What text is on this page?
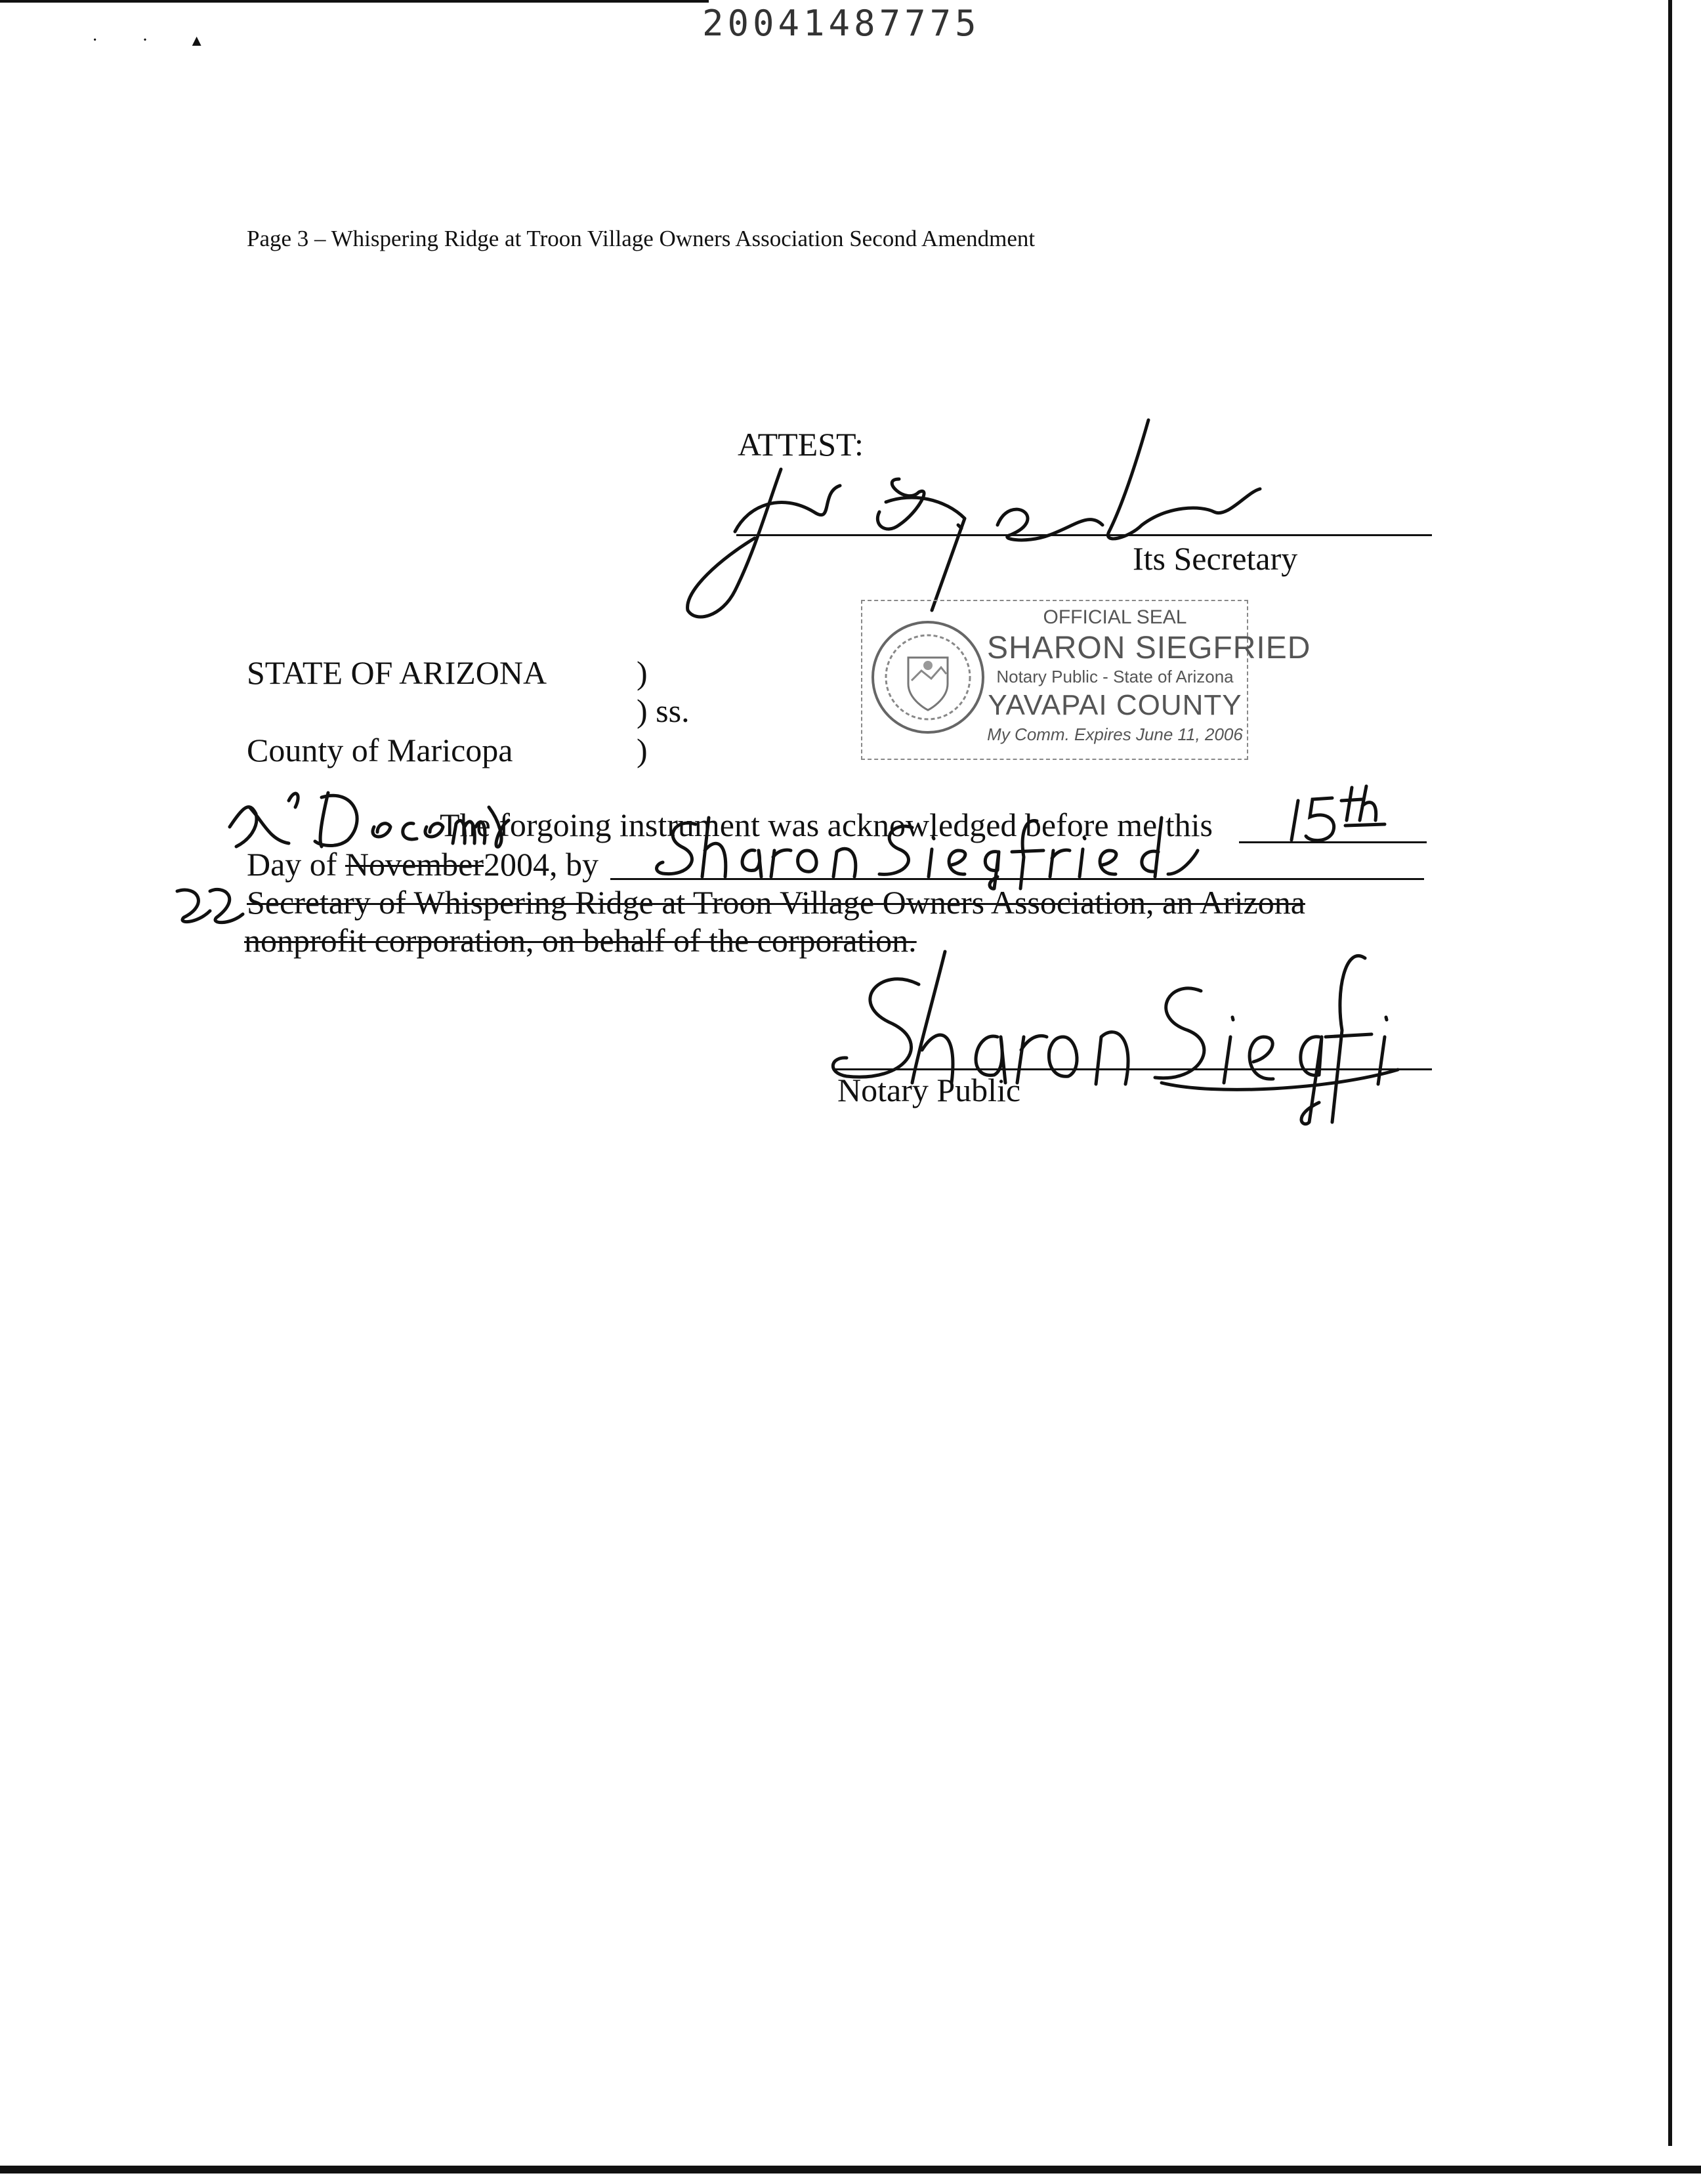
· · ▴	20041487775
Page 3 – Whispering Ridge at Troon Village Owners Association Second Amendment
ATTEST:
Its Secretary
OFFICIAL SEAL
SHARON SIEGFRIED
Notary Public - State of Arizona
YAVAPAI COUNTY
My Comm. Expires June 11, 2006
STATE OF ARIZONA	)
) ss.
County of Maricopa	)
The forgoing instrument was acknowledged before me this
Day of November2004, by
Secretary of Whispering Ridge at Troon Village Owners Association, an Arizona
nonprofit corporation, on behalf of the corporation.
Notary Public
